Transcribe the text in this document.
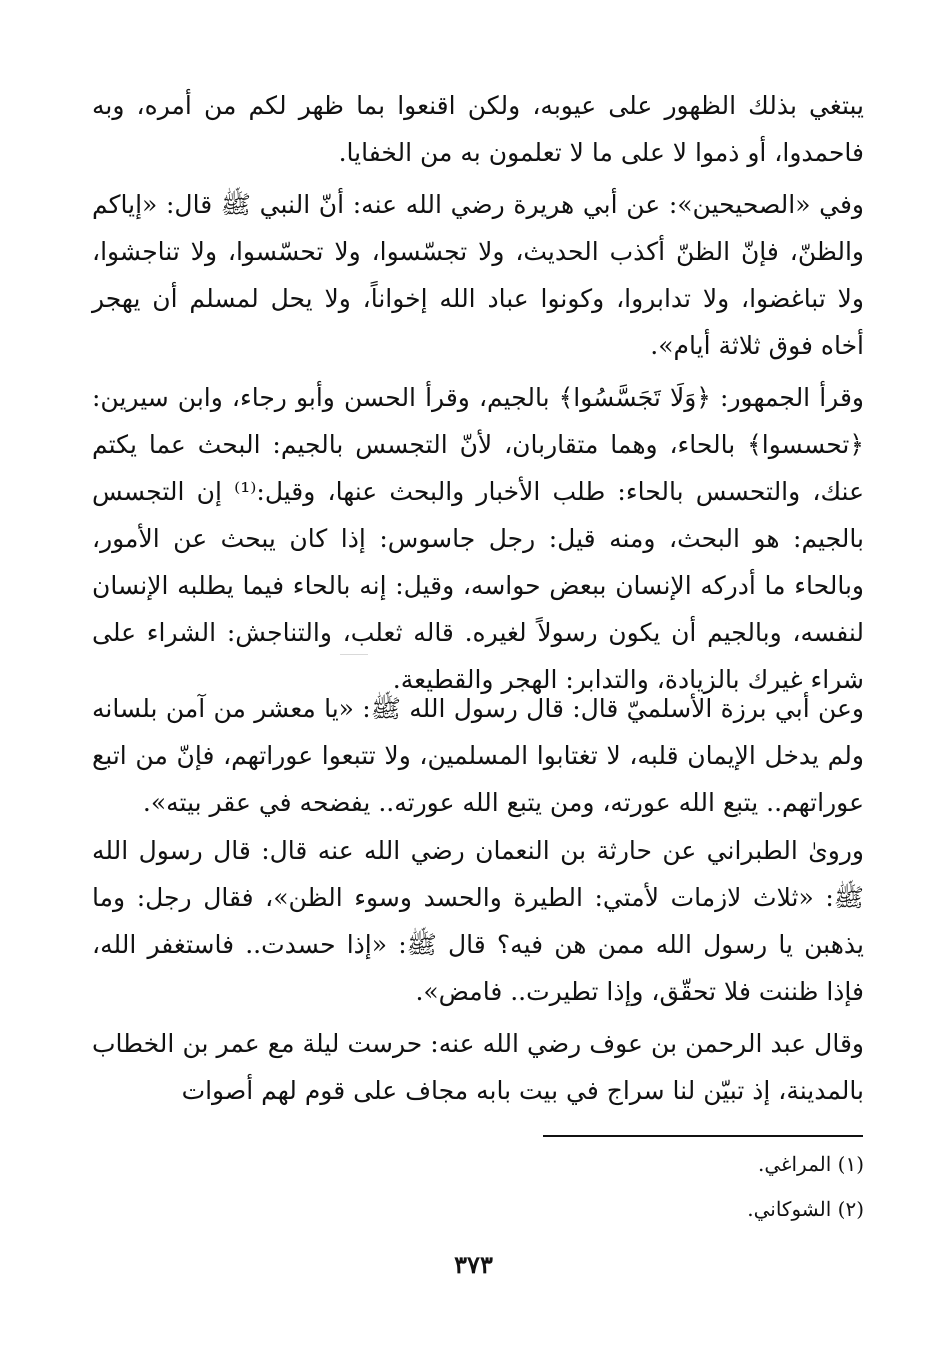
يبتغي بذلك الظهور على عيوبه، ولكن اقنعوا بما ظهر لكم من أمره، وبه فاحمدوا، أو ذموا لا على ما لا تعلمون به من الخفايا.

وفي «الصحيحين»: عن أبي هريرة رضي الله عنه: أنّ النبي ﷺ قال: «إياكم والظنّ، فإنّ الظنّ أكذب الحديث، ولا تجسّسوا، ولا تحسّسوا، ولا تناجشوا، ولا تباغضوا، ولا تدابروا، وكونوا عباد الله إخواناً، ولا يحل لمسلم أن يهجر أخاه فوق ثلاثة أيام».

وقرأ الجمهور: ﴿وَلَا تَجَسَّسُوا﴾ بالجيم، وقرأ الحسن وأبو رجاء، وابن سيرين: ﴿تحسسوا﴾ بالحاء، وهما متقاربان، لأنّ التجسس بالجيم: البحث عما يكتم عنك، والتحسس بالحاء: طلب الأخبار والبحث عنها، وقيل:⁽¹⁾ إن التجسس بالجيم: هو البحث، ومنه قيل: رجل جاسوس: إذا كان يبحث عن الأمور، وبالحاء ما أدركه الإنسان ببعض حواسه، وقيل: إنه بالحاء فيما يطلبه الإنسان لنفسه، وبالجيم أن يكون رسولاً لغيره. قاله ثعلب، والتناجش: الشراء على شراء غيرك بالزيادة، والتدابر: الهجر والقطيعة.

وعن أبي برزة الأسلميّ قال: قال رسول الله ﷺ: «يا معشر من آمن بلسانه ولم يدخل الإيمان قلبه، لا تغتابوا المسلمين، ولا تتبعوا عوراتهم، فإنّ من اتبع عوراتهم.. يتبع الله عورته، ومن يتبع الله عورته.. يفضحه في عقر بيته».

وروىٰ الطبراني عن حارثة بن النعمان رضي الله عنه قال: قال رسول الله ﷺ: «ثلاث لازمات لأمتي: الطيرة والحسد وسوء الظن»، فقال رجل: وما يذهبن يا رسول الله ممن هن فيه؟ قال ﷺ: «إذا حسدت.. فاستغفر الله، فإذا ظننت فلا تحقّق، وإذا تطيرت.. فامض».

وقال عبد الرحمن بن عوف رضي الله عنه: حرست ليلة مع عمر بن الخطاب بالمدينة، إذ تبيّن لنا سراج في بيت بابه مجاف على قوم لهم أصوات

(١) المراغي.

(٢) الشوكاني.

٣٧٣
